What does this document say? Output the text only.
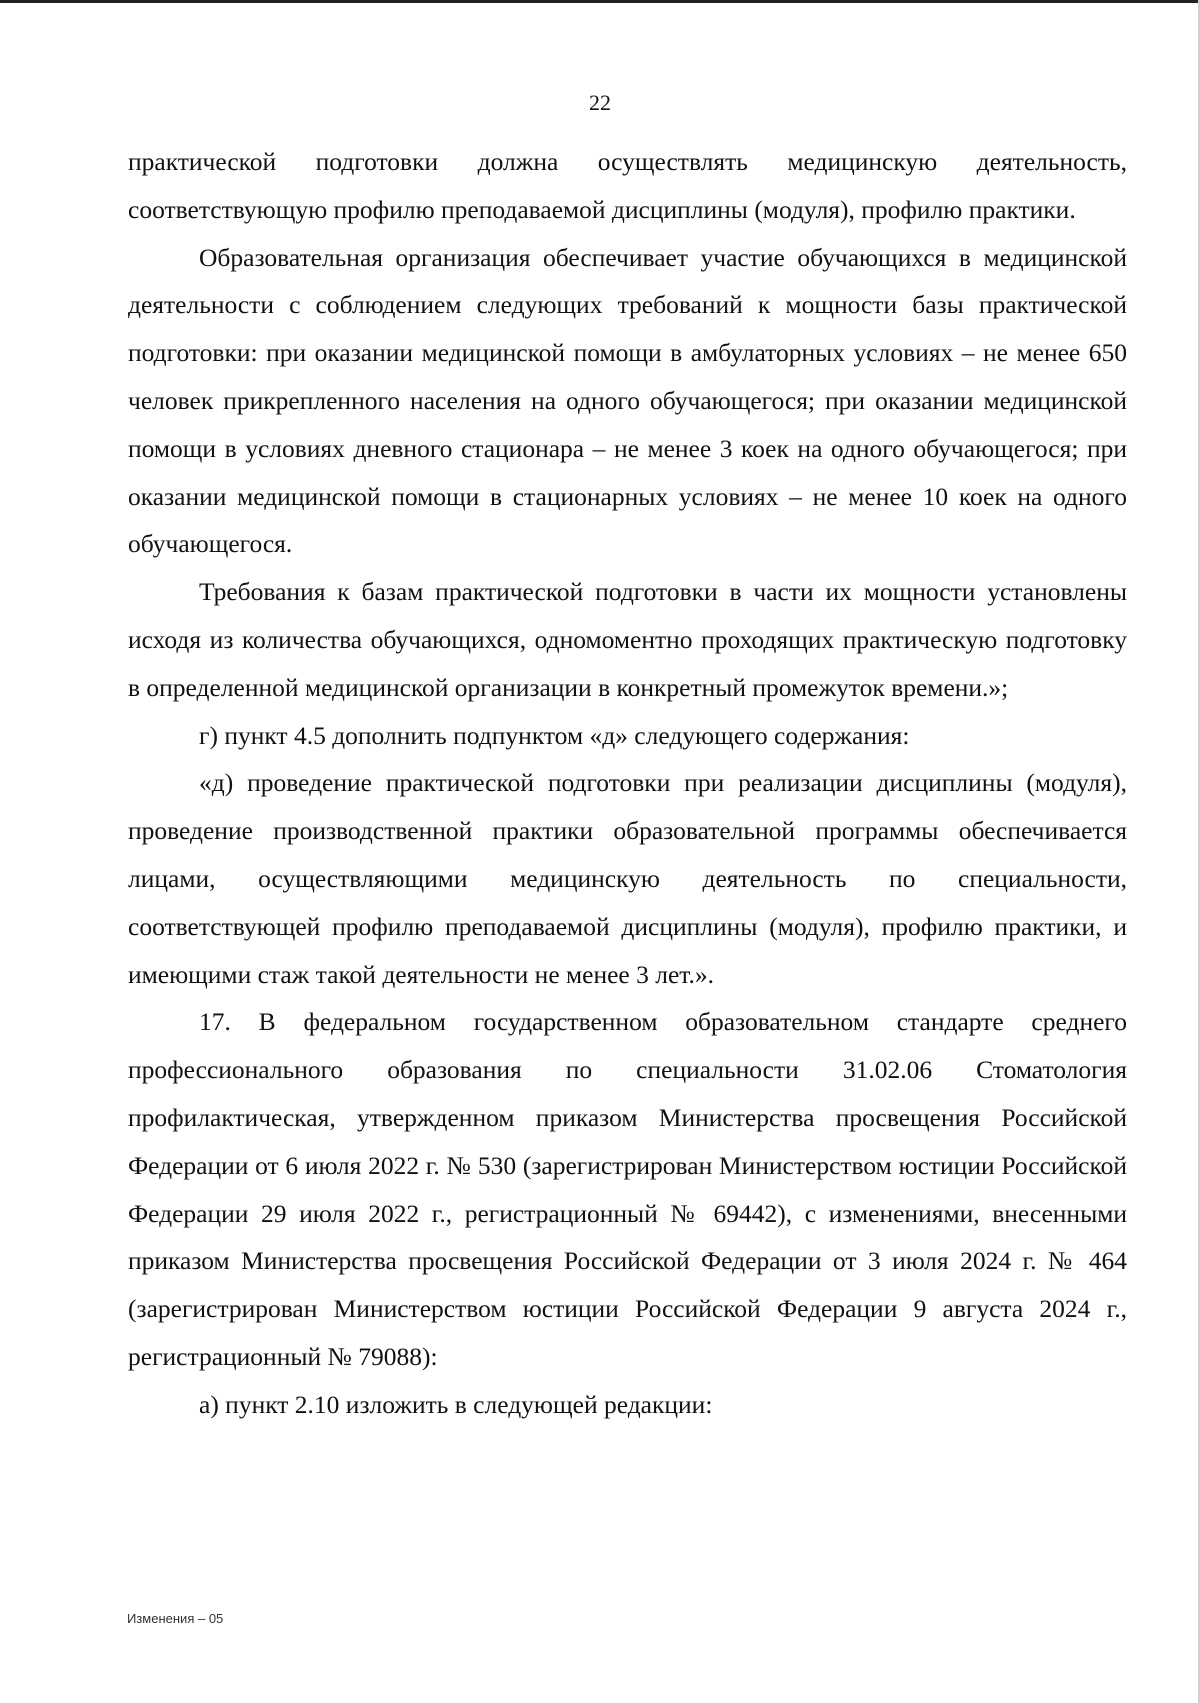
22

практической подготовки должна осуществлять медицинскую деятельность, соответствующую профилю преподаваемой дисциплины (модуля), профилю практики.

Образовательная организация обеспечивает участие обучающихся в медицинской деятельности с соблюдением следующих требований к мощности базы практической подготовки: при оказании медицинской помощи в амбулаторных условиях – не менее 650 человек прикрепленного населения на одного обучающегося; при оказании медицинской помощи в условиях дневного стационара – не менее 3 коек на одного обучающегося; при оказании медицинской помощи в стационарных условиях – не менее 10 коек на одного обучающегося.

Требования к базам практической подготовки в части их мощности установлены исходя из количества обучающихся, одномоментно проходящих практическую подготовку в определенной медицинской организации в конкретный промежуток времени.»;

г) пункт 4.5 дополнить подпунктом «д» следующего содержания:

«д) проведение практической подготовки при реализации дисциплины (модуля), проведение производственной практики образовательной программы обеспечивается лицами, осуществляющими медицинскую деятельность по специальности, соответствующей профилю преподаваемой дисциплины (модуля), профилю практики, и имеющими стаж такой деятельности не менее 3 лет.».

17. В федеральном государственном образовательном стандарте среднего профессионального образования по специальности 31.02.06 Стоматология профилактическая, утвержденном приказом Министерства просвещения Российской Федерации от 6 июля 2022 г. № 530 (зарегистрирован Министерством юстиции Российской Федерации 29 июля 2022 г., регистрационный № 69442), с изменениями, внесенными приказом Министерства просвещения Российской Федерации от 3 июля 2024 г. № 464 (зарегистрирован Министерством юстиции Российской Федерации 9 августа 2024 г., регистрационный № 79088):

а) пункт 2.10 изложить в следующей редакции:

Изменения – 05
